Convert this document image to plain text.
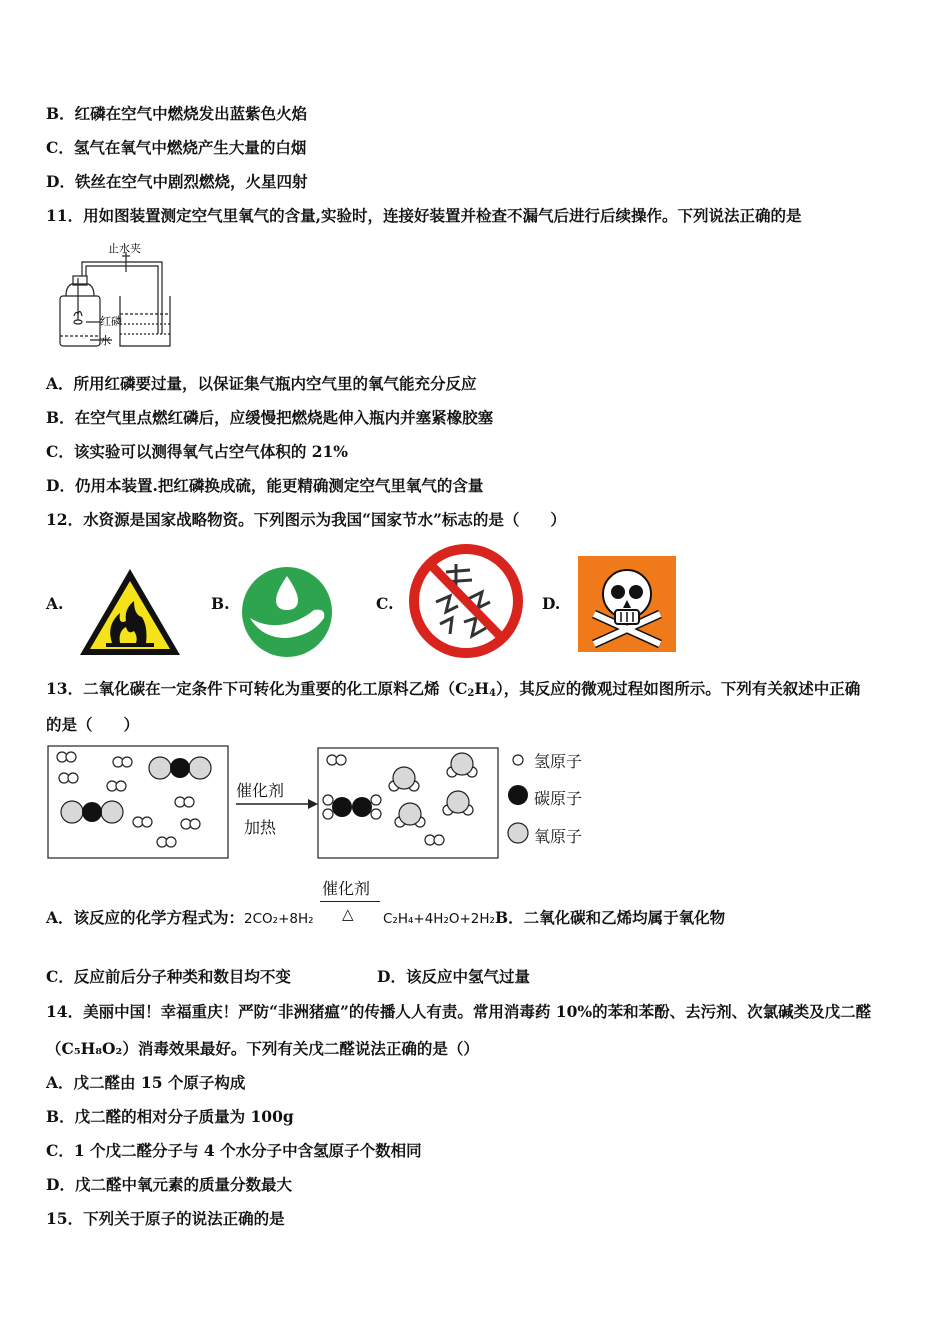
B．红磷在空气中燃烧发出蓝紫色火焰
C．氢气在氧气中燃烧产生大量的白烟
D．铁丝在空气中剧烈燃烧，火星四射
11．用如图装置测定空气里氧气的含量,实验时，连接好装置并检查不漏气后进行后续操作。下列说法正确的是
止水夹
红磷
水
A．所用红磷要过量，以保证集气瓶内空气里的氧气能充分反应
B．在空气里点燃红磷后，应缓慢把燃烧匙伸入瓶内并塞紧橡胶塞
C．该实验可以测得氧气占空气体积的 21%
D．仍用本装置.把红磷换成硫，能更精确测定空气里氧气的含量
12．水资源是国家战略物资。下列图示为我国“国家节水”标志的是（　　）
A.	B.	C.	D.
13．二氧化碳在一定条件下可转化为重要的化工原料乙烯$(C_2H_4)$，其反应的微观过程如图所示。下列有关叙述中正确
的是（　　）
催化剂
加热
氢原子
碳原子
氧原子
催化剂
A．该反应的化学方程式为：2CO₂+8H₂ △ C₂H₄+4H₂O+2H₂B．二氧化碳和乙烯均属于氧化物
C．反应前后分子种类和数目均不变	D．该反应中氢气过量
14．美丽中国！幸福重庆！严防“非洲猪瘟”的传播人人有责。常用消毒药 10%的苯和苯酚、去污剂、次氯碱类及戊二醛
（C₅H₈O₂）消毒效果最好。下列有关戊二醛说法正确的是（）
A．戊二醛由 15 个原子构成
B．戊二醛的相对分子质量为 100g
C．1 个戊二醛分子与 4 个水分子中含氢原子个数相同
D．戊二醛中氧元素的质量分数最大
15．下列关于原子的说法正确的是
